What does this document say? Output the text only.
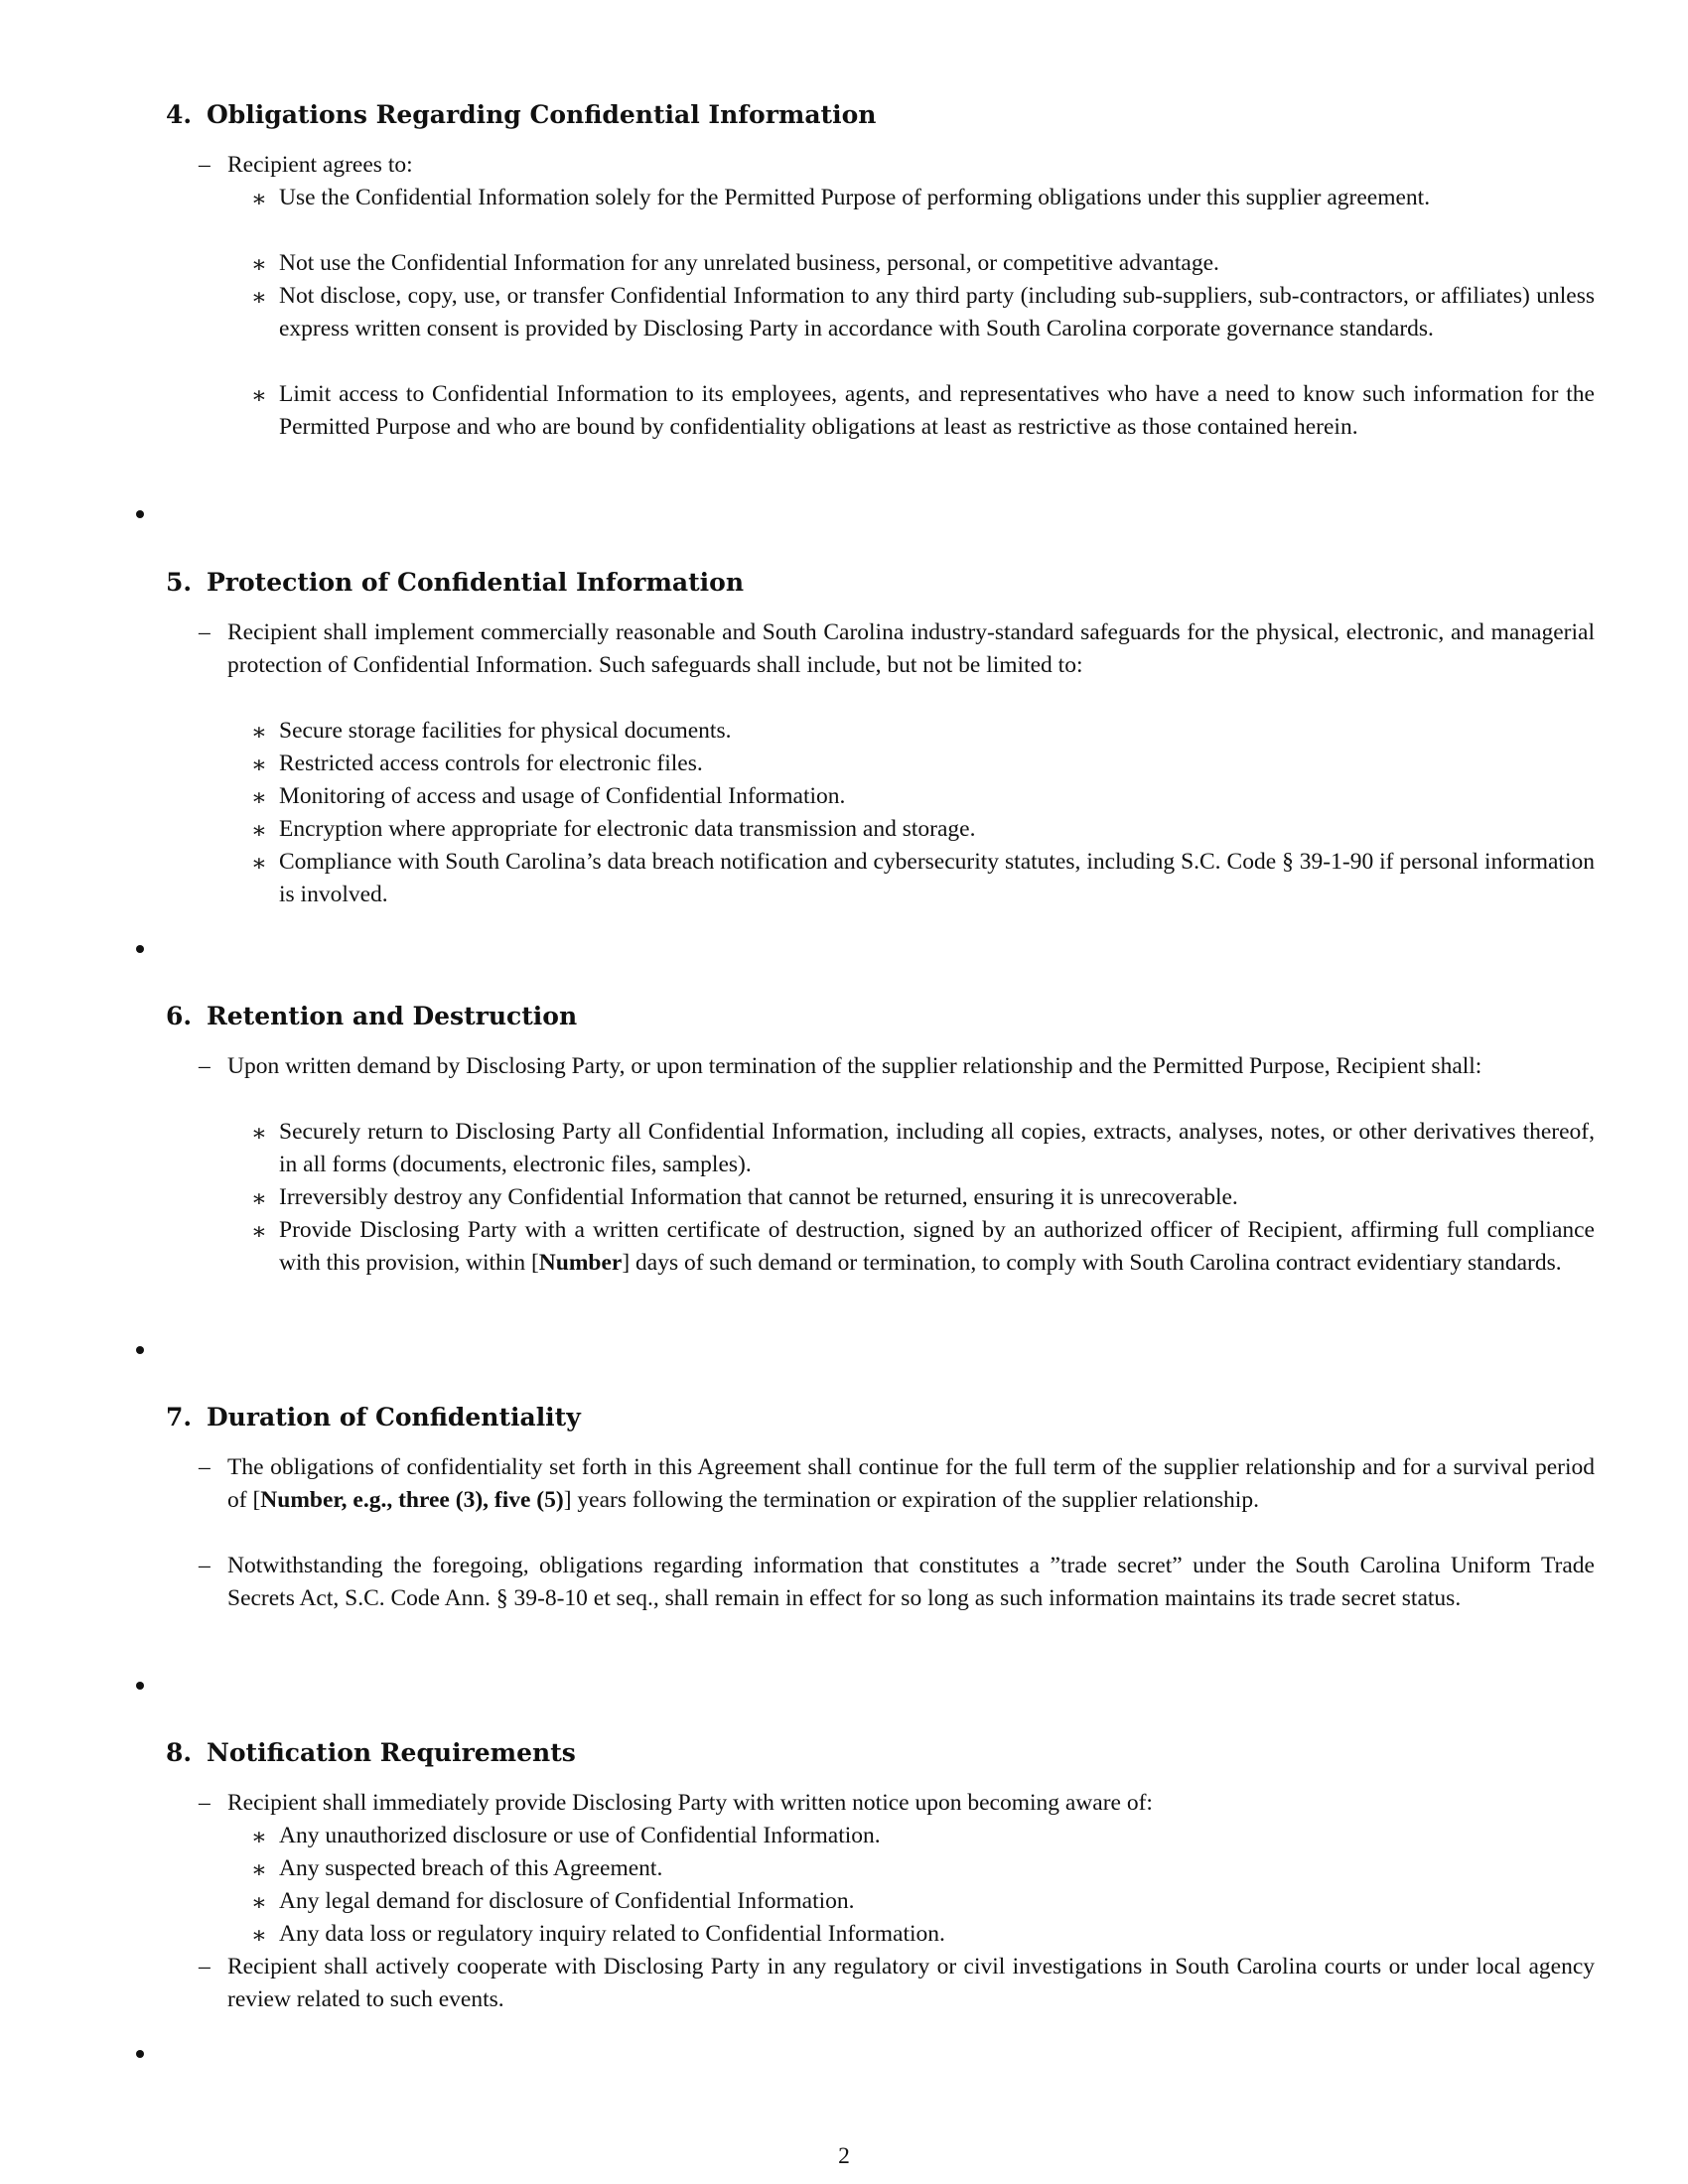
4. Obligations Regarding Confidential Information
– Recipient agrees to:
∗ Use the Confidential Information solely for the Permitted Purpose of performing obligations under this supplier agreement.
∗ Not use the Confidential Information for any unrelated business, personal, or competitive advantage.
∗ Not disclose, copy, use, or transfer Confidential Information to any third party (including sub-suppliers, sub-contractors, or affiliates) unless express written consent is provided by Disclosing Party in accordance with South Carolina corporate governance standards.
∗ Limit access to Confidential Information to its employees, agents, and representatives who have a need to know such information for the Permitted Purpose and who are bound by confidentiality obligations at least as restrictive as those contained herein.
5. Protection of Confidential Information
– Recipient shall implement commercially reasonable and South Carolina industry-standard safeguards for the physical, electronic, and managerial protection of Confidential Information. Such safeguards shall include, but not be limited to:
∗ Secure storage facilities for physical documents.
∗ Restricted access controls for electronic files.
∗ Monitoring of access and usage of Confidential Information.
∗ Encryption where appropriate for electronic data transmission and storage.
∗ Compliance with South Carolina’s data breach notification and cybersecurity statutes, including S.C. Code § 39-1-90 if personal information is involved.
6. Retention and Destruction
– Upon written demand by Disclosing Party, or upon termination of the supplier relationship and the Permitted Purpose, Recipient shall:
∗ Securely return to Disclosing Party all Confidential Information, including all copies, extracts, analyses, notes, or other derivatives thereof, in all forms (documents, electronic files, samples).
∗ Irreversibly destroy any Confidential Information that cannot be returned, ensuring it is unrecoverable.
∗ Provide Disclosing Party with a written certificate of destruction, signed by an authorized officer of Recipient, affirming full compliance with this provision, within [Number] days of such demand or termination, to comply with South Carolina contract evidentiary standards.
7. Duration of Confidentiality
– The obligations of confidentiality set forth in this Agreement shall continue for the full term of the supplier relationship and for a survival period of [Number, e.g., three (3), five (5)] years following the termination or expiration of the supplier relationship.
– Notwithstanding the foregoing, obligations regarding information that constitutes a ”trade secret” under the South Carolina Uniform Trade Secrets Act, S.C. Code Ann. § 39-8-10 et seq., shall remain in effect for so long as such information maintains its trade secret status.
8. Notification Requirements
– Recipient shall immediately provide Disclosing Party with written notice upon becoming aware of:
∗ Any unauthorized disclosure or use of Confidential Information.
∗ Any suspected breach of this Agreement.
∗ Any legal demand for disclosure of Confidential Information.
∗ Any data loss or regulatory inquiry related to Confidential Information.
– Recipient shall actively cooperate with Disclosing Party in any regulatory or civil investigations in South Carolina courts or under local agency review related to such events.
2
